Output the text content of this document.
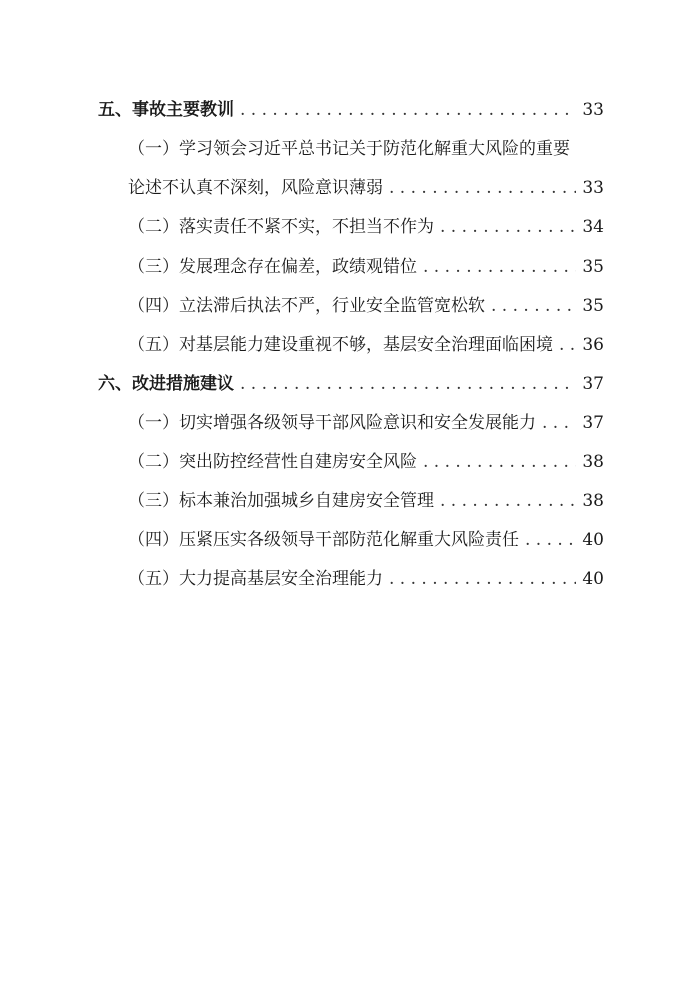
五、事故主要教训 . . .	33
（一）学习领会习近平总书记关于防范化解重大风险的重要
论述不认真不深刻，风险意识薄弱 . . .	33
（二）落实责任不紧不实，不担当不作为 . . .	34
（三）发展理念存在偏差，政绩观错位 . . .	35
（四）立法滞后执法不严，行业安全监管宽松软 . . .	35
（五）对基层能力建设重视不够，基层安全治理面临困境 . . . 36
六、改进措施建议 . . .	37
（一）切实增强各级领导干部风险意识和安全发展能力 . . .	37
（二）突出防控经营性自建房安全风险 . . .	38
（三）标本兼治加强城乡自建房安全管理 . . .	38
（四）压紧压实各级领导干部防范化解重大风险责任 . . .	40
（五）大力提高基层安全治理能力 . . .	40
